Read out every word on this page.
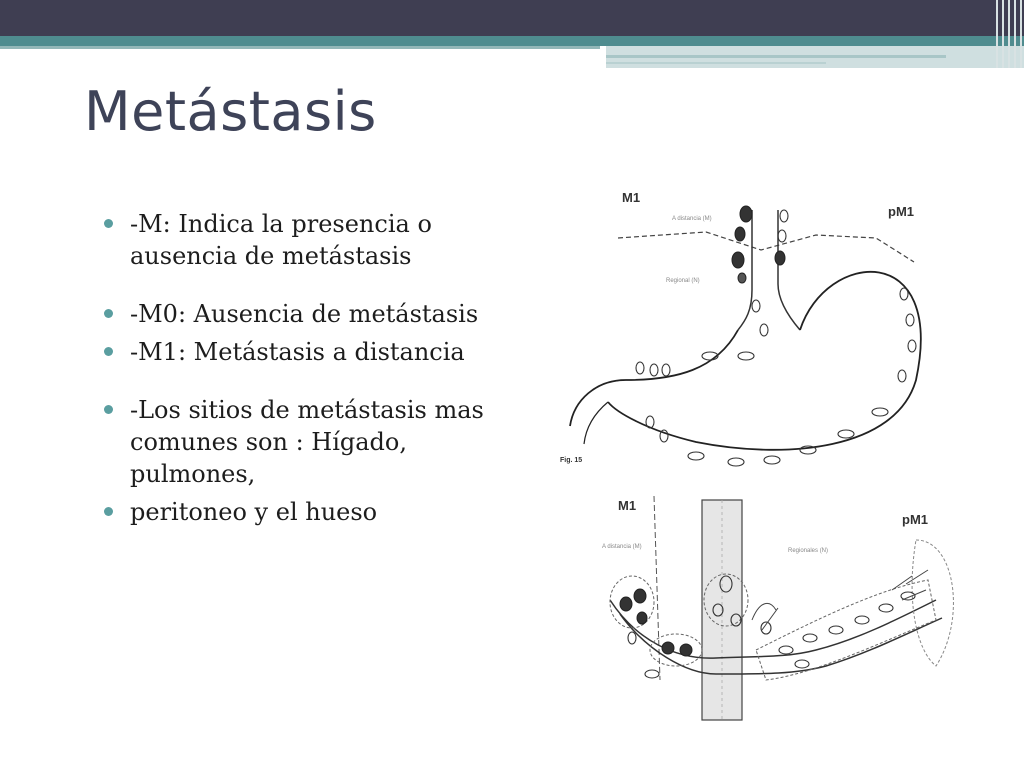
Metástasis
-M: Indica la presencia o ausencia de metástasis
-M0: Ausencia de metástasis
-M1: Metástasis a distancia
-Los sitios de metástasis mas comunes son : Hígado, pulmones,
peritoneo y el hueso
M1
pM1
A distancia (M)
Regional (N)
Fig. 15
M1
pM1
A distancia (M)
Regionales (N)
